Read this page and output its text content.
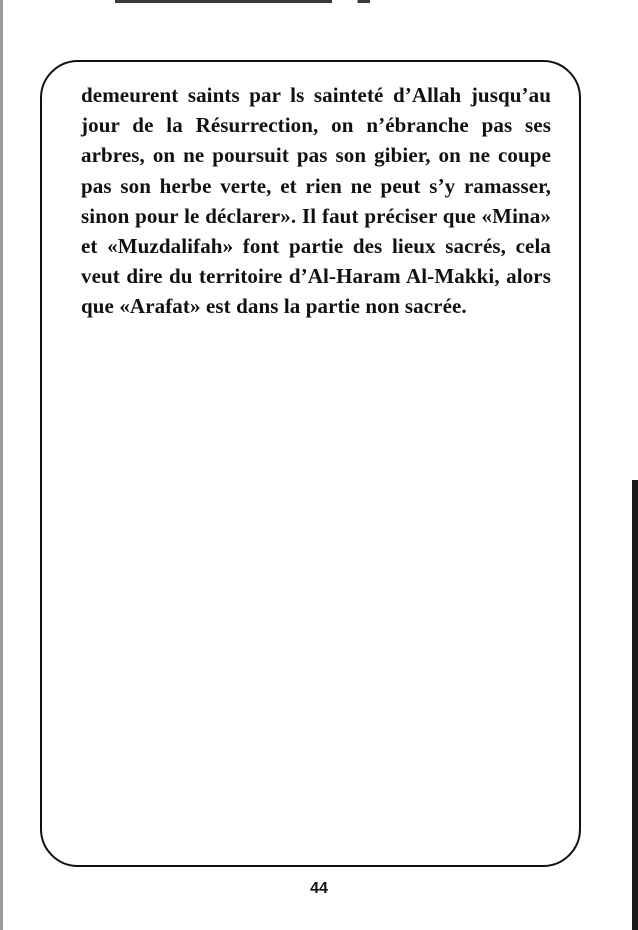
demeurent saints par ls sainteté d’Allah jusqu’au jour de la Résurrection, on n’ébranche pas ses arbres, on ne poursuit pas son gibier, on ne coupe pas son herbe verte, et rien ne peut s’y ramasser, sinon pour le déclarer». Il faut préciser que «Mina» et «Muzdalifah» font partie des lieux sacrés, cela veut dire du territoire d’Al-Haram Al-Makki, alors que «Arafat» est dans la partie non sacrée.

44
